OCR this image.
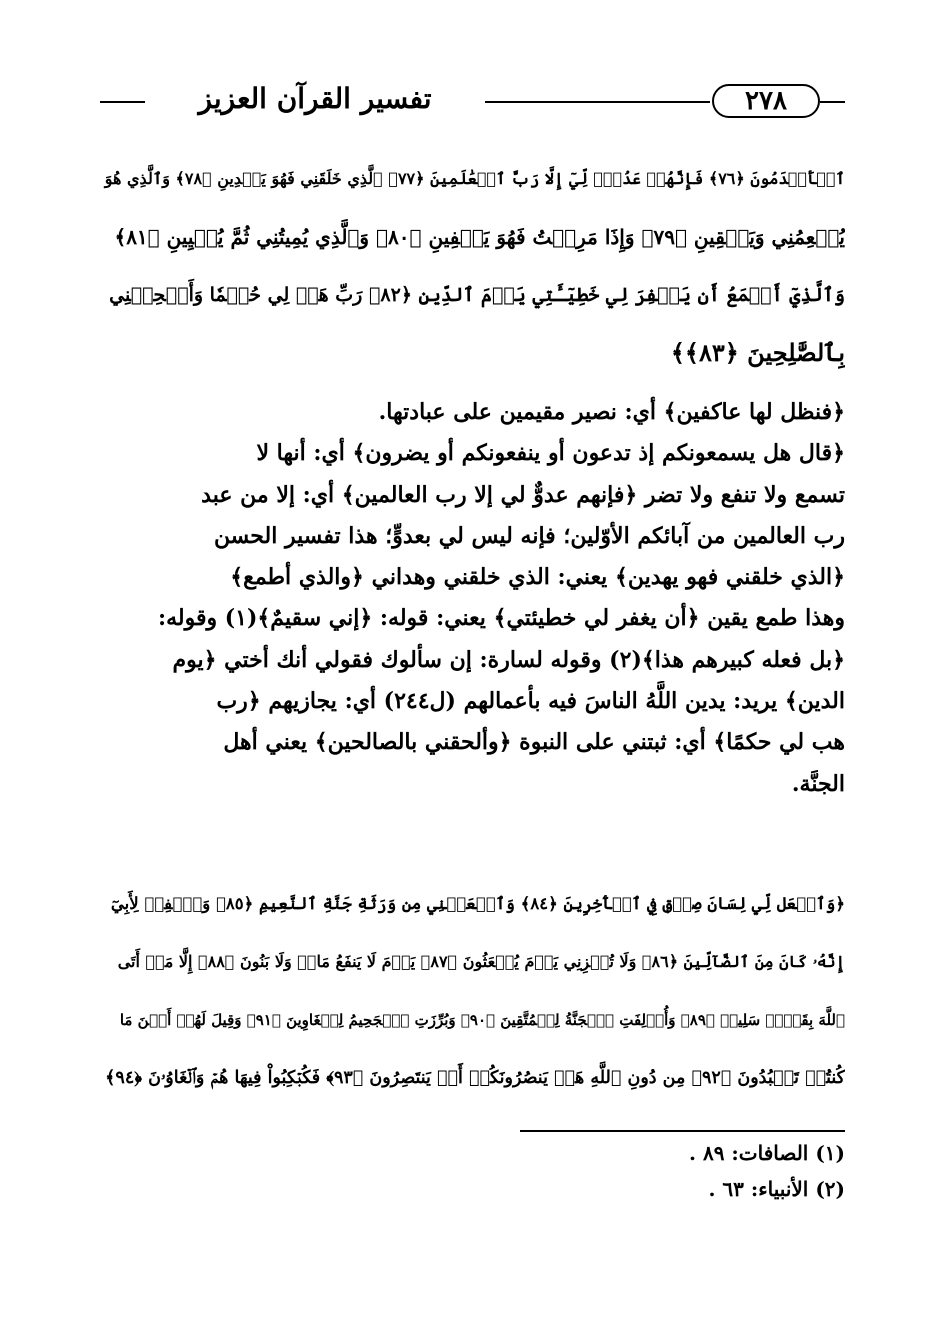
تفسير القرآن العزيز	٢٧٨
ٱلۡأَقۡدَمُونَ ﴿٧٦﴾ فَإِنَّهُمۡ عَدُوّٞ لِّيٓ إِلَّا رَبَّ ٱلۡعَٰلَمِينَ ﴿٧٧﴾ ٱلَّذِي خَلَقَنِي فَهُوَ يَهۡدِينِ ﴿٧٨﴾ وَٱلَّذِي هُوَ
يُطۡعِمُنِي وَيَسۡقِينِ ﴿٧٩﴾ وَإِذَا مَرِضۡتُ فَهُوَ يَشۡفِينِ ﴿٨٠﴾ وَٱلَّذِي يُمِيتُنِي ثُمَّ يُحۡيِينِ ﴿٨١﴾
وَٱلَّذِيٓ أَطۡمَعُ أَن يَغۡفِرَ لِي خَطِيٓـَٔتِي يَوۡمَ ٱلدِّينِ ﴿٨٢﴾ رَبِّ هَبۡ لِي حُكۡمٗا وَأَلۡحِقۡنِي
بِٱلصَّٰلِحِينَ ﴿٨٣﴾﴾
﴿فنظل لها عاكفين﴾ أي: نصير مقيمين على عبادتها.
﴿قال هل يسمعونكم إذ تدعون أو ينفعونكم أو يضرون﴾ أي: أنها لا
تسمع ولا تنفع ولا تضر ﴿فإنهم عدوٌّ لي إلا رب العالمين﴾ أي: إلا من عبد
رب العالمين من آبائكم الأوّلين؛ فإنه ليس لي بعدوٍّ؛ هذا تفسير الحسن
﴿الذي خلقني فهو يهدين﴾ يعني: الذي خلقني وهداني ﴿والذي أطمع﴾
وهذا طمع يقين ﴿أن يغفر لي خطيئتي﴾ يعني: قوله: ﴿إني سقيمٌ﴾(١) وقوله:
﴿بل فعله كبيرهم هذا﴾(٢) وقوله لسارة: إن سألوك فقولي أنك أختي ﴿يوم
الدين﴾ يريد: يدين اللَّهُ الناسَ فيه بأعمالهم (ل٢٤٤) أي: يجازيهم ﴿رب
هب لي حكمًا﴾ أي: ثبتني على النبوة ﴿وألحقني بالصالحين﴾ يعني أهل
الجنَّة.
﴿وَٱجۡعَل لِّي لِسَانَ صِدۡقٖ فِي ٱلۡأٓخِرِينَ ﴿٨٤﴾ وَٱجۡعَلۡنِي مِن وَرَثَةِ جَنَّةِ ٱلنَّعِيمِ ﴿٨٥﴾ وَٱغۡفِرۡ لِأَبِيٓ
إِنَّهُۥ كَانَ مِنَ ٱلضَّآلِّينَ ﴿٨٦﴾ وَلَا تُخۡزِنِي يَوۡمَ يُبۡعَثُونَ ﴿٨٧﴾ يَوۡمَ لَا يَنفَعُ مَالٞ وَلَا بَنُونَ ﴿٨٨﴾ إِلَّا مَنۡ أَتَى
ٱللَّهَ بِقَلۡبٖ سَلِيمٖ ﴿٨٩﴾ وَأُزۡلِفَتِ ٱلۡجَنَّةُ لِلۡمُتَّقِينَ ﴿٩٠﴾ وَبُرِّزَتِ ٱلۡجَحِيمُ لِلۡغَاوِينَ ﴿٩١﴾ وَقِيلَ لَهُمۡ أَيۡنَ مَا
كُنتُمۡ تَعۡبُدُونَ ﴿٩٢﴾ مِن دُونِ ٱللَّهِ هَلۡ يَنصُرُونَكُمۡ أَوۡ يَنتَصِرُونَ ﴿٩٣﴾ فَكُبۡكِبُواْ فِيهَا هُمۡ وَٱلۡغَاوُۥنَ ﴿٩٤﴾
(١) الصافات: ٨٩ .
(٢) الأنبياء: ٦٣ .
